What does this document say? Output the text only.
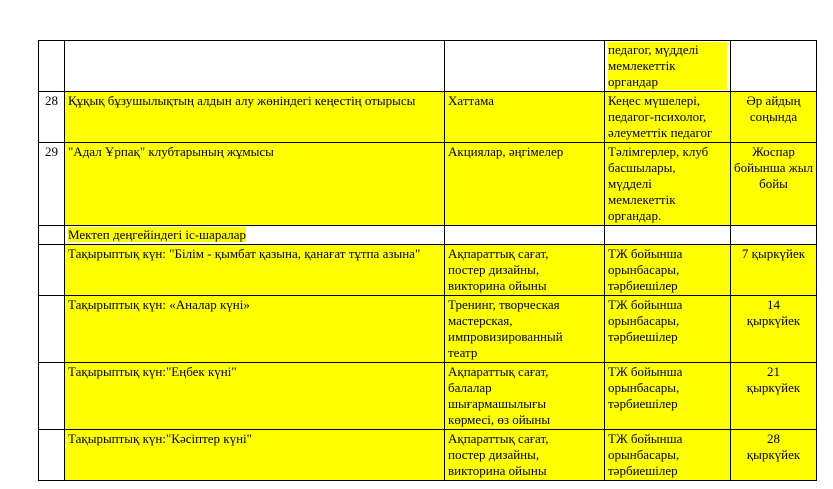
			педагог, мүдделі
мемлекеттік
органдар	

28	Құқық бұзушылықтың алдын алу жөніндегі кеңестің отырысы	Хаттама	Кеңес мүшелері,
педагог-психолог,
әлеуметтік педагог	Әр айдың соңында
29	"Адал Ұрпақ" клубтарының жұмысы	Акциялар, әңгімелер	Тәлімгерлер, клуб
басшылары,
мүдделі
мемлекеттік
органдар.	Жоспар бойынша жыл бойы
	Мектеп деңгейіндегі іс-шаралар			
	Тақырыптық күн: "Білім - қымбат қазына, қанағат тұтпа азына"	Ақпараттық сағат,
постер дизайны,
викторина ойыны	ТЖ бойынша
орынбасары,
тәрбиешілер	7 қыркүйек
	Тақырыптық күн: «Аналар күні»	Тренинг, творческая
мастерская,
импровизированный
театр	ТЖ бойынша
орынбасары,
тәрбиешілер	14
қыркүйек

	Тақырыптық күн:"Еңбек күні"	Ақпараттық сағат,
балалар
шығармашылығы
көрмесі, өз ойыны	ТЖ бойынша
орынбасары,
тәрбиешілер	21
қыркүйек

	Тақырыптық күн:"Кәсіптер күні"	Ақпараттық сағат,
постер дизайны,
викторина ойыны	ТЖ бойынша
орынбасары,
тәрбиешілер	28
қыркүйек
